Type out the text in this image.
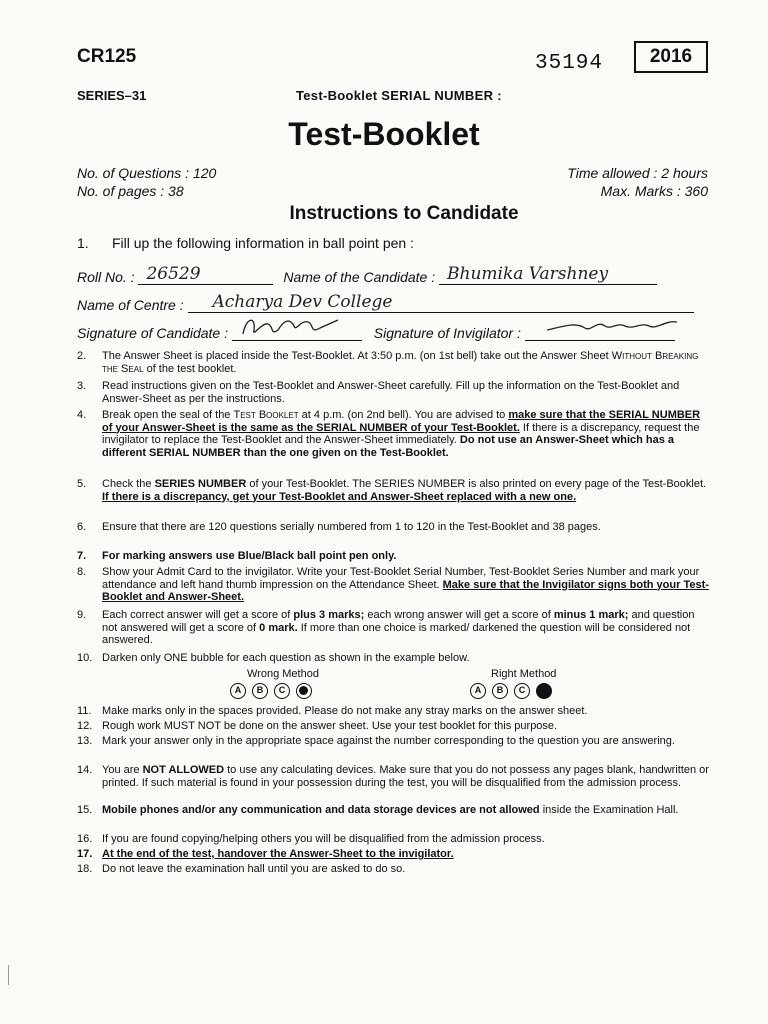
CR125	35194	2016
SERIES–31	Test-Booklet SERIAL NUMBER :
Test-Booklet
No. of Questions : 120
No. of pages : 38
Time allowed : 2 hours
Max. Marks : 360
Instructions to Candidate
1. Fill up the following information in ball point pen :
Roll No. : 26529	Name of the Candidate : Bhumika Varshney
Name of Centre : Acharya Dev College
Signature of Candidate :	Signature of Invigilator :
2.	The Answer Sheet is placed inside the Test-Booklet. At 3:50 p.m. (on 1st bell) take out the Answer Sheet Without Breaking the Seal of the test booklet.
3.	Read instructions given on the Test-Booklet and Answer-Sheet carefully. Fill up the information on the Test-Booklet and Answer-Sheet as per the instructions.
4.	Break open the seal of the Test Booklet at 4 p.m. (on 2nd bell). You are advised to make sure that the SERIAL NUMBER of your Answer-Sheet is the same as the SERIAL NUMBER of your Test-Booklet. If there is a discrepancy, request the invigilator to replace the Test-Booklet and the Answer-Sheet immediately. Do not use an Answer-Sheet which has a different SERIAL NUMBER than the one given on the Test-Booklet.
5.	Check the SERIES NUMBER of your Test-Booklet. The SERIES NUMBER is also printed on every page of the Test-Booklet. If there is a discrepancy, get your Test-Booklet and Answer-Sheet replaced with a new one.
6.	Ensure that there are 120 questions serially numbered from 1 to 120 in the Test-Booklet and 38 pages.
7.	For marking answers use Blue/Black ball point pen only.
8.	Show your Admit Card to the invigilator. Write your Test-Booklet Serial Number, Test-Booklet Series Number and mark your attendance and left hand thumb impression on the Attendance Sheet. Make sure that the Invigilator signs both your Test-Booklet and Answer-Sheet.
9.	Each correct answer will get a score of plus 3 marks; each wrong answer will get a score of minus 1 mark; and question not answered will get a score of 0 mark. If more than one choice is marked/ darkened the question will be considered not answered.
10. Darken only ONE bubble for each question as shown in the example below.
Wrong Method	Right Method
A	B	C	A	B	C
11. Make marks only in the spaces provided. Please do not make any stray marks on the answer sheet.
12. Rough work MUST NOT be done on the answer sheet. Use your test booklet for this purpose.
13. Mark your answer only in the appropriate space against the number corresponding to the question you are answering.
14. You are NOT ALLOWED to use any calculating devices. Make sure that you do not possess any pages blank, handwritten or printed. If such material is found in your possession during the test, you will be disqualified from the admission process.
15. Mobile phones and/or any communication and data storage devices are not allowed inside the Examination Hall.
16. If you are found copying/helping others you will be disqualified from the admission process.
17. At the end of the test, handover the Answer-Sheet to the invigilator.
18. Do not leave the examination hall until you are asked to do so.
